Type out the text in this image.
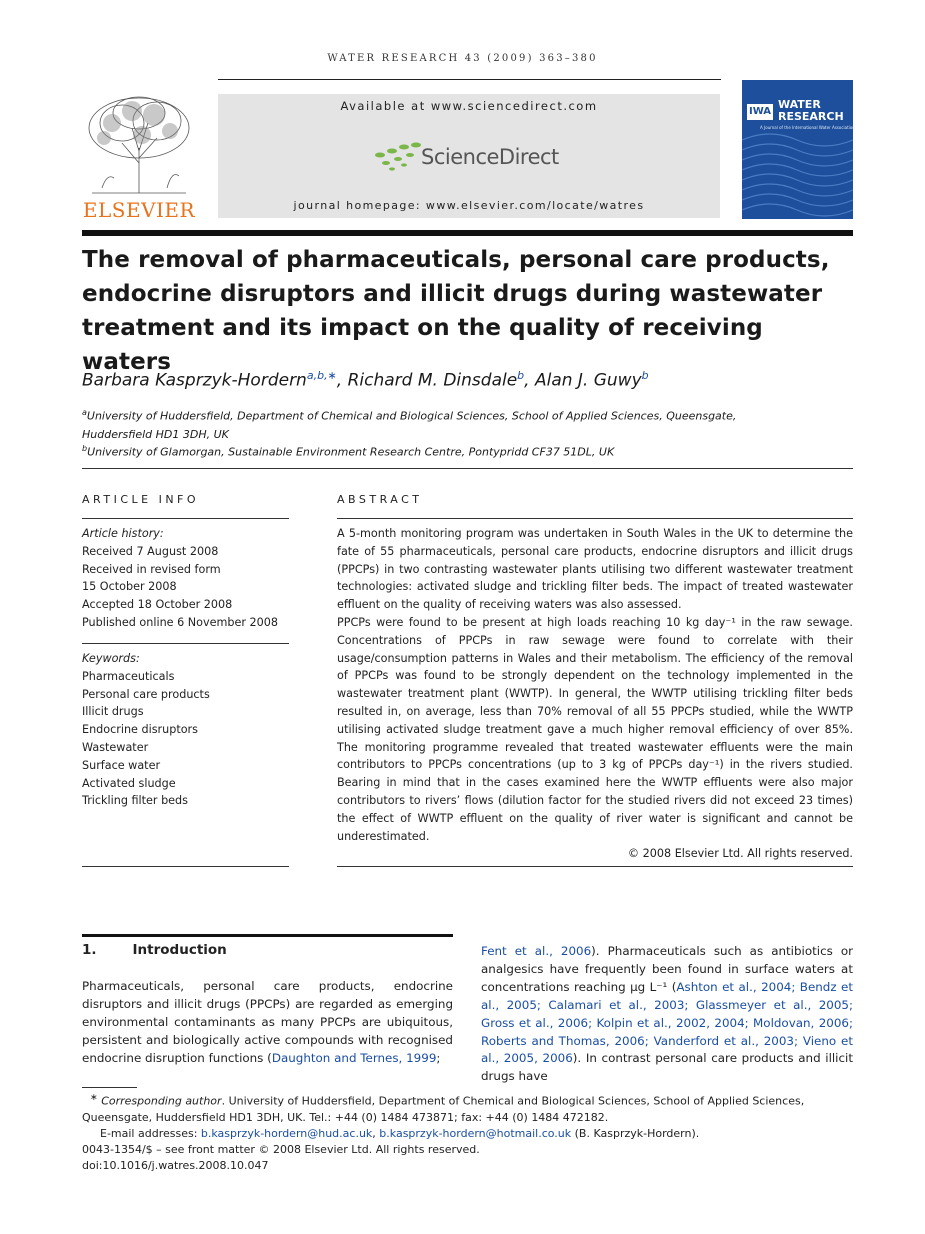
WATER RESEARCH 43 (2009) 363–380
ELSEVIER
Available at www.sciencedirect.com
ScienceDirect
journal homepage: www.elsevier.com/locate/watres
IWA
WATER
RESEARCH
A Journal of the International Water Association
The removal of pharmaceuticals, personal care products, endocrine disruptors and illicit drugs during wastewater treatment and its impact on the quality of receiving waters
Barbara Kasprzyk-Hordern$^{a,b,∗}$, Richard M. Dinsdale$^b$, Alan J. Guwy$^b$
$^a$University of Huddersfield, Department of Chemical and Biological Sciences, School of Applied Sciences, Queensgate,
Huddersfield HD1 3DH, UK
$^b$University of Glamorgan, Sustainable Environment Research Centre, Pontypridd CF37 51DL, UK
ARTICLE INFO
Article history:
Received 7 August 2008
Received in revised form
15 October 2008
Accepted 18 October 2008
Published online 6 November 2008
Keywords:
Pharmaceuticals
Personal care products
Illicit drugs
Endocrine disruptors
Wastewater
Surface water
Activated sludge
Trickling filter beds
ABSTRACT

A 5-month monitoring program was undertaken in South Wales in the UK to determine the fate of 55 pharmaceuticals, personal care products, endocrine disruptors and illicit drugs (PPCPs) in two contrasting wastewater plants utilising two different wastewater treatment technologies: activated sludge and trickling filter beds. The impact of treated wastewater effluent on the quality of receiving waters was also assessed.

PPCPs were found to be present at high loads reaching 10 kg day⁻¹ in the raw sewage. Concentrations of PPCPs in raw sewage were found to correlate with their usage/consumption patterns in Wales and their metabolism. The efficiency of the removal of PPCPs was found to be strongly dependent on the technology implemented in the wastewater treatment plant (WWTP). In general, the WWTP utilising trickling filter beds resulted in, on average, less than 70% removal of all 55 PPCPs studied, while the WWTP utilising activated sludge treatment gave a much higher removal efficiency of over 85%. The monitoring programme revealed that treated wastewater effluents were the main contributors to PPCPs concentrations (up to 3 kg of PPCPs day⁻¹) in the rivers studied. Bearing in mind that in the cases examined here the WWTP effluents were also major contributors to rivers’ flows (dilution factor for the studied rivers did not exceed 23 times) the effect of WWTP effluent on the quality of river water is significant and cannot be underestimated.

© 2008 Elsevier Ltd. All rights reserved.

1.	Introduction

Pharmaceuticals, personal care products, endocrine disruptors and illicit drugs (PPCPs) are regarded as emerging environmental contaminants as many PPCPs are ubiquitous, persistent and biologically active compounds with recognised endocrine disruption functions (Daughton and Ternes, 1999;

Fent et al., 2006). Pharmaceuticals such as antibiotics or analgesics have frequently been found in surface waters at concentrations reaching μg L⁻¹ (Ashton et al., 2004; Bendz et al., 2005; Calamari et al., 2003; Glassmeyer et al., 2005; Gross et al., 2006; Kolpin et al., 2002, 2004; Moldovan, 2006; Roberts and Thomas, 2006; Vanderford et al., 2003; Vieno et al., 2005, 2006). In contrast personal care products and illicit drugs have

∗ Corresponding author. University of Huddersfield, Department of Chemical and Biological Sciences, School of Applied Sciences, Queensgate, Huddersfield HD1 3DH, UK. Tel.: +44 (0) 1484 473871; fax: +44 (0) 1484 472182.

E-mail addresses: b.kasprzyk-hordern@hud.ac.uk, b.kasprzyk-hordern@hotmail.co.uk (B. Kasprzyk-Hordern).

0043-1354/$ – see front matter © 2008 Elsevier Ltd. All rights reserved.

doi:10.1016/j.watres.2008.10.047
